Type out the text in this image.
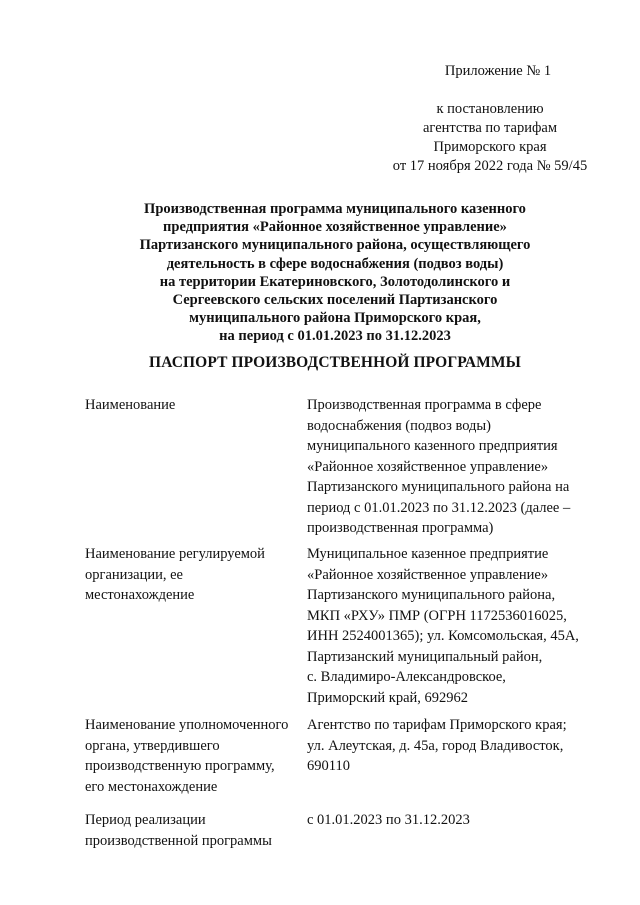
Приложение № 1
к постановлению
агентства по тарифам
Приморского края
от 17 ноября 2022 года № 59/45
Производственная программа муниципального казенного
предприятия «Районное хозяйственное управление»
Партизанского муниципального района, осуществляющего
деятельность в сфере водоснабжения (подвоз воды)
на территории Екатериновского, Золотодолинского и
Сергеевского сельских поселений Партизанского
муниципального района Приморского края,
на период с 01.01.2023 по 31.12.2023
ПАСПОРТ ПРОИЗВОДСТВЕННОЙ ПРОГРАММЫ
Наименование	Производственная программа в сфере
водоснабжения (подвоз воды)
муниципального казенного предприятия
«Районное хозяйственное управление»
Партизанского муниципального района на
период с 01.01.2023 по 31.12.2023 (далее –
производственная программа)
Наименование регулируемой
организации, ее
местонахождение
Муниципальное казенное предприятие
«Районное хозяйственное управление»
Партизанского муниципального района,
МКП «РХУ» ПМР (ОГРН 1172536016025,
ИНН 2524001365); ул. Комсомольская, 45А,
Партизанский муниципальный район,
с. Владимиро-Александровское,
Приморский край, 692962
Наименование уполномоченного
органа, утвердившего
производственную программу,
его местонахождение
Агентство по тарифам Приморского края;
ул. Алеутская, д. 45а, город Владивосток,
690110
Период реализации
производственной программы
с 01.01.2023 по 31.12.2023
